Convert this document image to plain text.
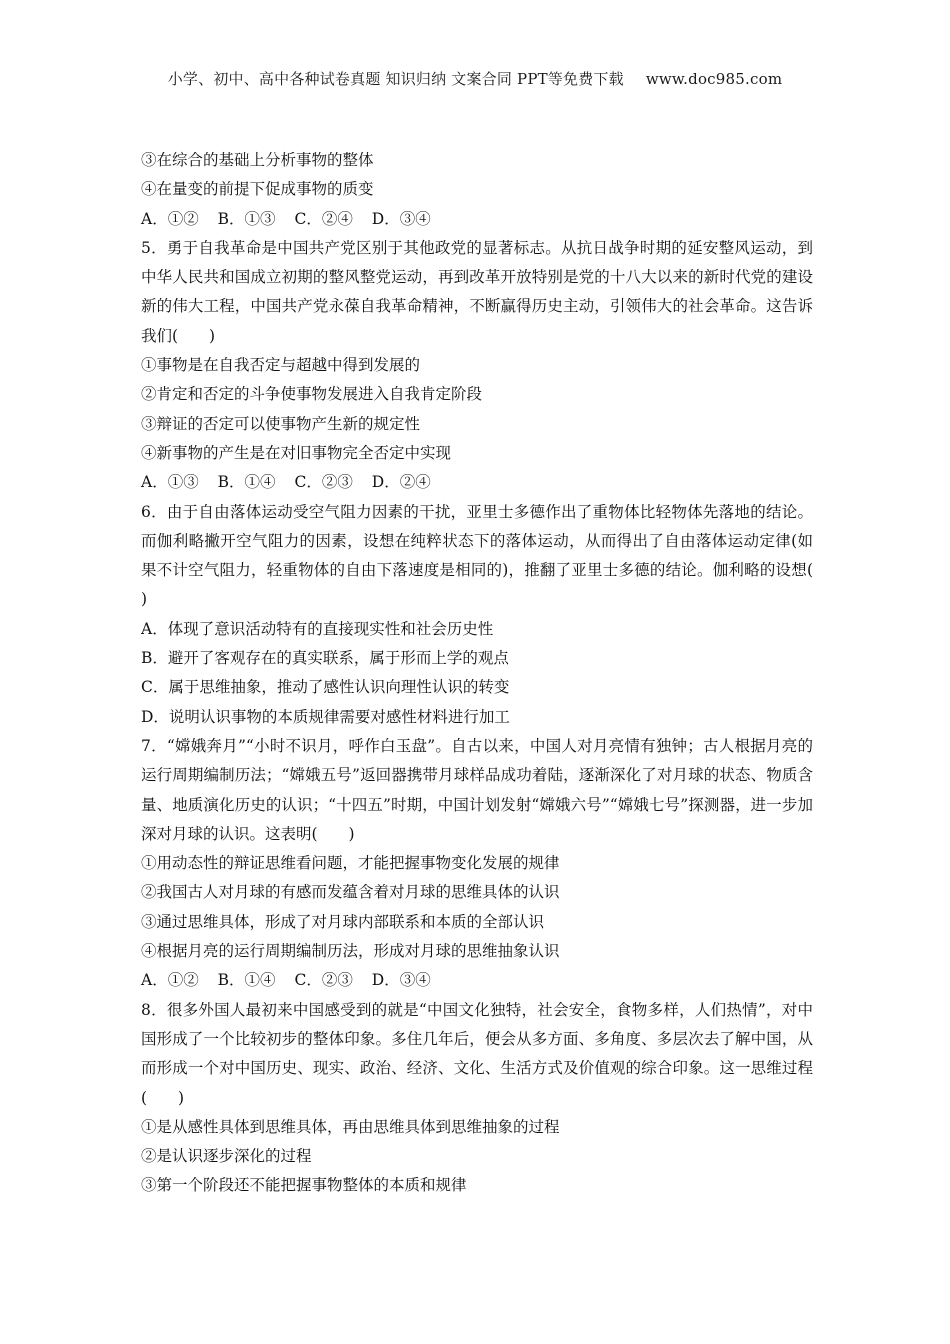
小学、初中、高中各种试卷真题 知识归纳 文案合同 PPT等免费下载 www.doc985.com
③在综合的基础上分析事物的整体
④在量变的前提下促成事物的质变
A．①② B．①③ C．②④ D．③④
5．勇于自我革命是中国共产党区别于其他政党的显著标志。从抗日战争时期的延安整风运动，到中华人民共和国成立初期的整风整党运动，再到改革开放特别是党的十八大以来的新时代党的建设新的伟大工程，中国共产党永葆自我革命精神，不断赢得历史主动，引领伟大的社会革命。这告诉我们(　　)
①事物是在自我否定与超越中得到发展的
②肯定和否定的斗争使事物发展进入自我肯定阶段
③辩证的否定可以使事物产生新的规定性
④新事物的产生是在对旧事物完全否定中实现
A．①③ B．①④ C．②③ D．②④
6．由于自由落体运动受空气阻力因素的干扰，亚里士多德作出了重物体比轻物体先落地的结论。而伽利略撇开空气阻力的因素，设想在纯粹状态下的落体运动，从而得出了自由落体运动定律(如果不计空气阻力，轻重物体的自由下落速度是相同的)，推翻了亚里士多德的结论。伽利略的设想(　　)
A．体现了意识活动特有的直接现实性和社会历史性
B．避开了客观存在的真实联系，属于形而上学的观点
C．属于思维抽象，推动了感性认识向理性认识的转变
D．说明认识事物的本质规律需要对感性材料进行加工
7．“嫦娥奔月”“小时不识月，呼作白玉盘”。自古以来，中国人对月亮情有独钟；古人根据月亮的运行周期编制历法；“嫦娥五号”返回器携带月球样品成功着陆，逐渐深化了对月球的状态、物质含量、地质演化历史的认识；“十四五”时期，中国计划发射“嫦娥六号”“嫦娥七号”探测器，进一步加深对月球的认识。这表明(　　)
①用动态性的辩证思维看问题，才能把握事物变化发展的规律
②我国古人对月球的有感而发蕴含着对月球的思维具体的认识
③通过思维具体，形成了对月球内部联系和本质的全部认识
④根据月亮的运行周期编制历法，形成对月球的思维抽象认识
A．①② B．①④ C．②③ D．③④
8．很多外国人最初来中国感受到的就是“中国文化独特，社会安全，食物多样，人们热情”，对中国形成了一个比较初步的整体印象。多住几年后，便会从多方面、多角度、多层次去了解中国，从而形成一个对中国历史、现实、政治、经济、文化、生活方式及价值观的综合印象。这一思维过程(　　)
①是从感性具体到思维具体，再由思维具体到思维抽象的过程
②是认识逐步深化的过程
③第一个阶段还不能把握事物整体的本质和规律
